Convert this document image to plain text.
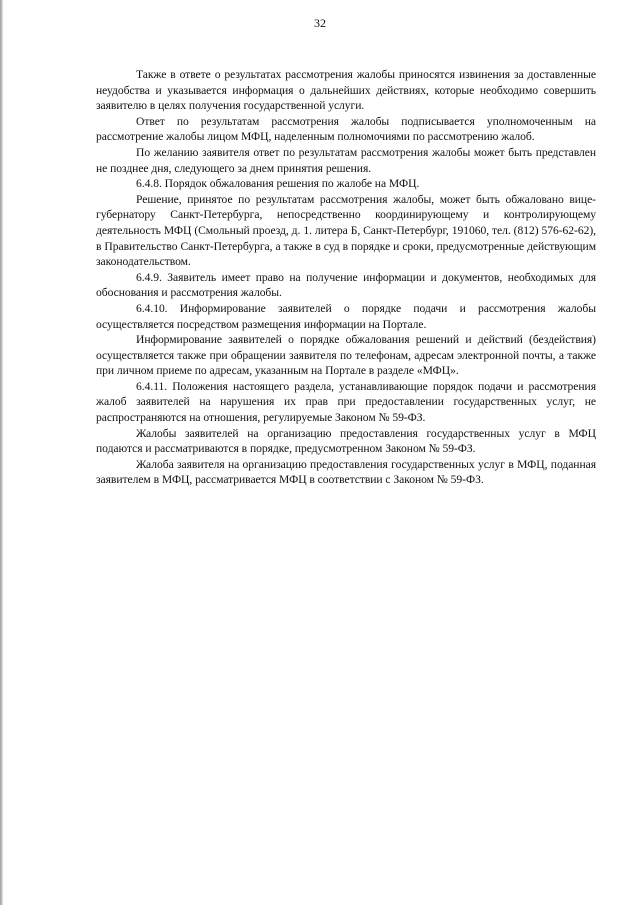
32

Также в ответе о результатах рассмотрения жалобы приносятся извинения за доставленные неудобства и указывается информация о дальнейших действиях, которые необходимо совершить заявителю в целях получения государственной услуги.

Ответ по результатам рассмотрения жалобы подписывается уполномоченным на рассмотрение жалобы лицом МФЦ, наделенным полномочиями по рассмотрению жалоб.

По желанию заявителя ответ по результатам рассмотрения жалобы может быть представлен не позднее дня, следующего за днем принятия решения.

6.4.8. Порядок обжалования решения по жалобе на МФЦ.

Решение, принятое по результатам рассмотрения жалобы, может быть обжаловано вице-губернатору Санкт-Петербурга, непосредственно координирующему и контролирующему деятельность МФЦ (Смольный проезд, д. 1. литера Б, Санкт-Петербург, 191060, тел. (812) 576-62-62), в Правительство Санкт-Петербурга, а также в суд в порядке и сроки, предусмотренные действующим законодательством.

6.4.9. Заявитель имеет право на получение информации и документов, необходимых для обоснования и рассмотрения жалобы.

6.4.10. Информирование заявителей о порядке подачи и рассмотрения жалобы осуществляется посредством размещения информации на Портале.

Информирование заявителей о порядке обжалования решений и действий (бездействия) осуществляется также при обращении заявителя по телефонам, адресам электронной почты, а также при личном приеме по адресам, указанным на Портале в разделе «МФЦ».

6.4.11. Положения настоящего раздела, устанавливающие порядок подачи и рассмотрения жалоб заявителей на нарушения их прав при предоставлении государственных услуг, не распространяются на отношения, регулируемые Законом № 59-ФЗ.

Жалобы заявителей на организацию предоставления государственных услуг в МФЦ подаются и рассматриваются в порядке, предусмотренном Законом № 59-ФЗ.

Жалоба заявителя на организацию предоставления государственных услуг в МФЦ, поданная заявителем в МФЦ, рассматривается МФЦ в соответствии с Законом № 59-ФЗ.
